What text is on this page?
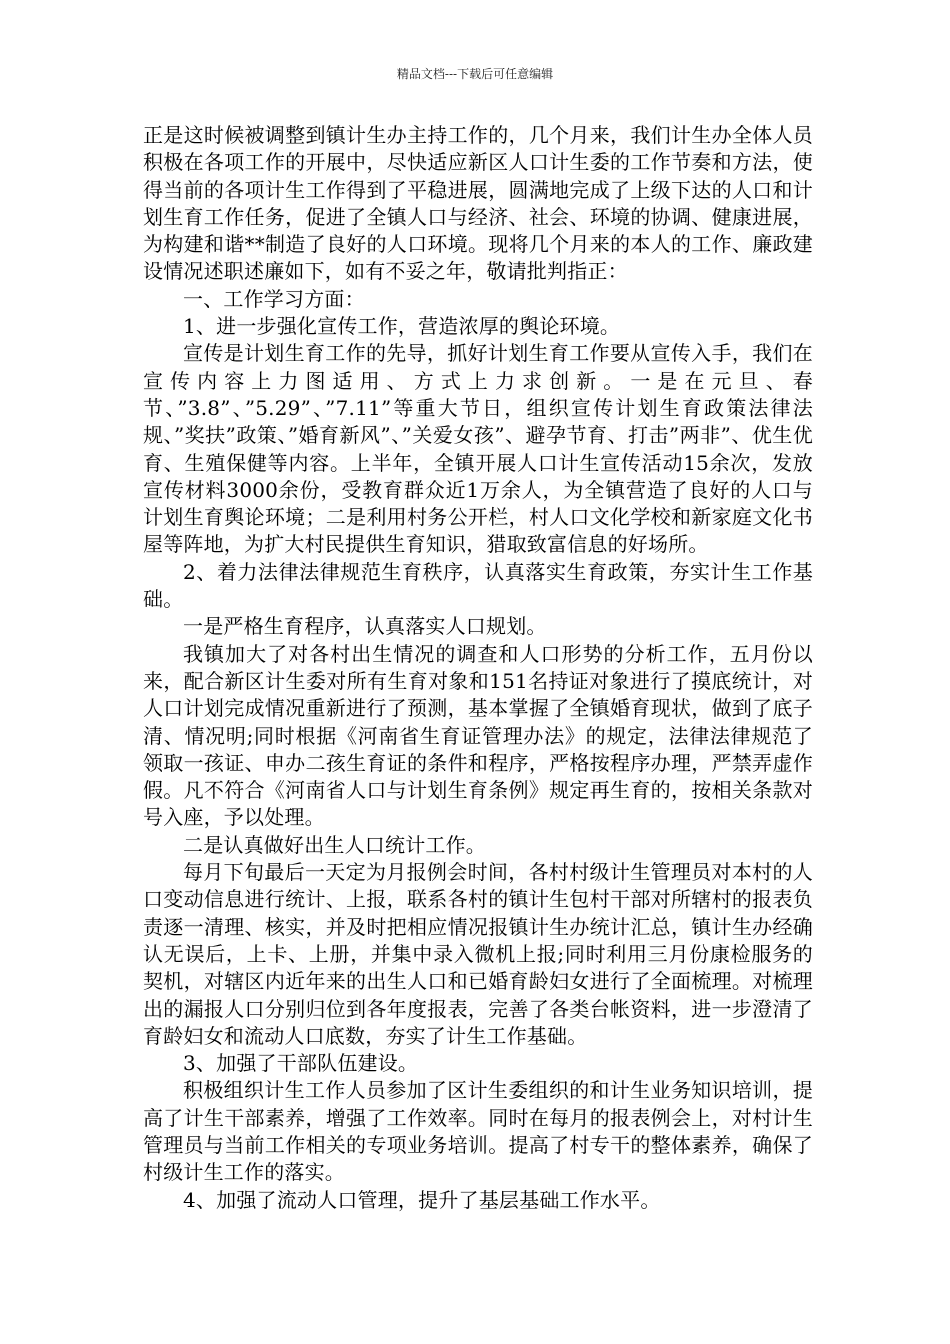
精品文档---下载后可任意编辑

正是这时候被调整到镇计生办主持工作的，几个月来，我们计生办全体人员积极在各项工作的开展中，尽快适应新区人口计生委的工作节奏和方法，使得当前的各项计生工作得到了平稳进展，圆满地完成了上级下达的人口和计划生育工作任务，促进了全镇人口与经济、社会、环境的协调、健康进展，为构建和谐**制造了良好的人口环境。现将几个月来的本人的工作、廉政建设情况述职述廉如下，如有不妥之年，敬请批判指正：

一、工作学习方面：

1、进一步强化宣传工作，营造浓厚的舆论环境。

宣传是计划生育工作的先导，抓好计划生育工作要从宣传入手，我们在宣传内容上力图适用、方式上力求创新。一是在元旦、春节、”3.8”、”5.29”、”7.11”等重大节日，组织宣传计划生育政策法律法规、”奖扶”政策、”婚育新风”、”关爱女孩”、避孕节育、打击”两非”、优生优育、生殖保健等内容。上半年，全镇开展人口计生宣传活动15余次，发放宣传材料3000余份，受教育群众近1万余人，为全镇营造了良好的人口与计划生育舆论环境；二是利用村务公开栏，村人口文化学校和新家庭文化书屋等阵地，为扩大村民提供生育知识，猎取致富信息的好场所。

2、着力法律法律规范生育秩序，认真落实生育政策，夯实计生工作基础。

一是严格生育程序，认真落实人口规划。

我镇加大了对各村出生情况的调查和人口形势的分析工作，五月份以来，配合新区计生委对所有生育对象和151名持证对象进行了摸底统计，对人口计划完成情况重新进行了预测，基本掌握了全镇婚育现状，做到了底子清、情况明;同时根据《河南省生育证管理办法》的规定，法律法律规范了领取一孩证、申办二孩生育证的条件和程序，严格按程序办理，严禁弄虚作假。凡不符合《河南省人口与计划生育条例》规定再生育的，按相关条款对号入座，予以处理。

二是认真做好出生人口统计工作。

每月下旬最后一天定为月报例会时间，各村村级计生管理员对本村的人口变动信息进行统计、上报，联系各村的镇计生包村干部对所辖村的报表负责逐一清理、核实，并及时把相应情况报镇计生办统计汇总，镇计生办经确认无误后，上卡、上册，并集中录入微机上报;同时利用三月份康检服务的契机，对辖区内近年来的出生人口和已婚育龄妇女进行了全面梳理。对梳理出的漏报人口分别归位到各年度报表，完善了各类台帐资料，进一步澄清了育龄妇女和流动人口底数，夯实了计生工作基础。

3、加强了干部队伍建设。

积极组织计生工作人员参加了区计生委组织的和计生业务知识培训，提高了计生干部素养，增强了工作效率。同时在每月的报表例会上，对村计生管理员与当前工作相关的专项业务培训。提高了村专干的整体素养，确保了村级计生工作的落实。

4、加强了流动人口管理，提升了基层基础工作水平。
